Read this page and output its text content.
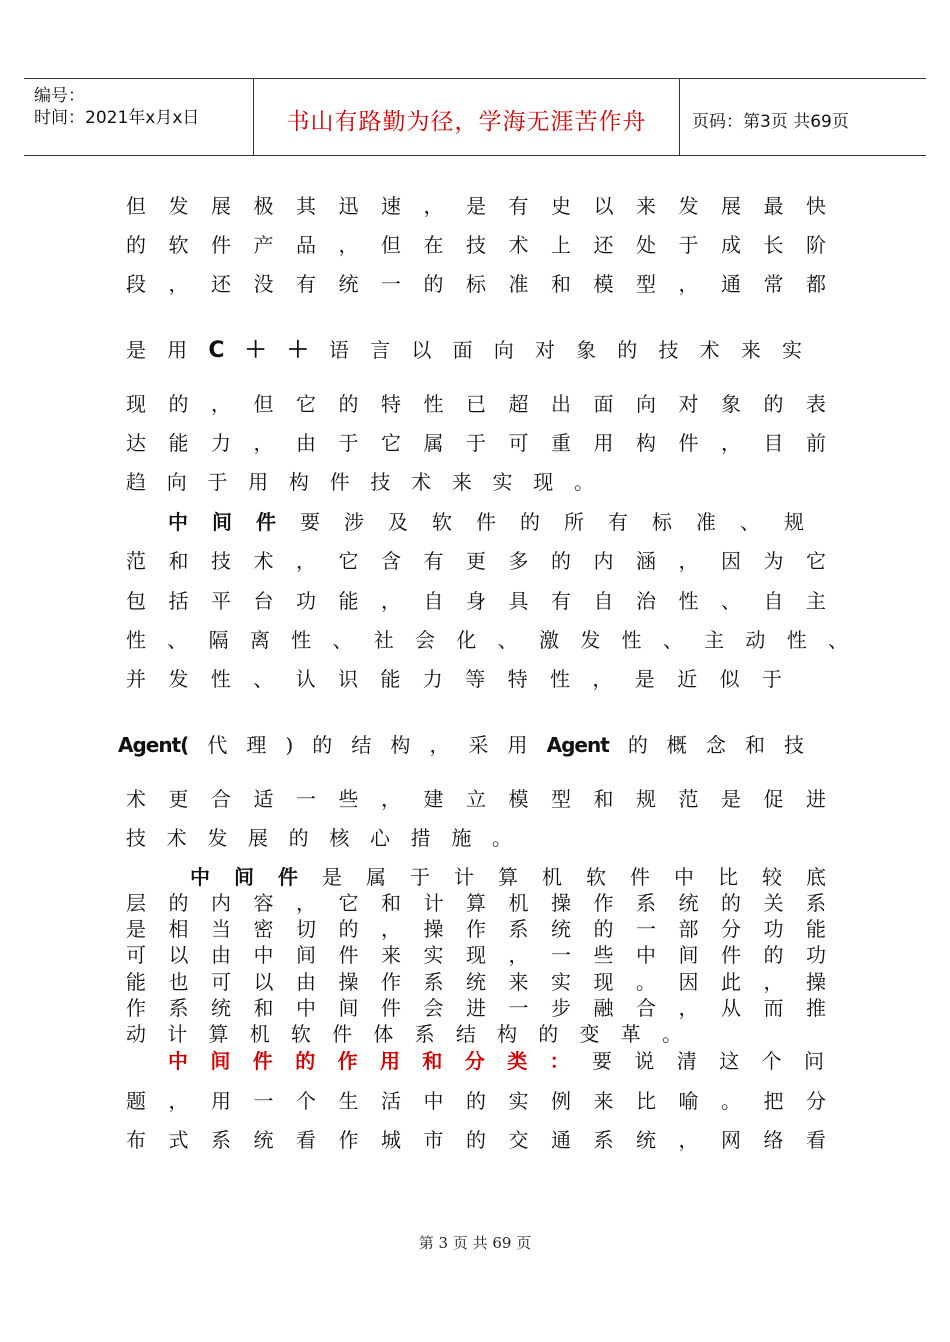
编号：
时间：2021年x月x日	书山有路勤为径，学海无涯苦作舟	页码：第3页 共69页
但发展极其迅速，是有史以来发展最快
的软件产品，但在技术上还处于成长阶
段，还没有统一的标准和模型，通常都
是用C＋＋语言以面向对象的技术来实
现的，但它的特性已超出面向对象的表
达能力，由于它属于可重用构件，目前
趋向于用构件技术来实现。
中间件要涉及软件的所有标准、规
范和技术，它含有更多的内涵，因为它
包括平台功能，自身具有自治性、自主
性、隔离性、社会化、激发性、主动性、
并发性、认识能力等特性，是近似于
Agent(代理)的结构，采用Agent的概念和技
术更合适一些，建立模型和规范是促进
技术发展的核心措施。
中间件是属于计算机软件中比较底
层的内容，它和计算机操作系统的关系
是相当密切的，操作系统的一部分功能
可以由中间件来实现，一些中间件的功
能也可以由操作系统来实现。因此，操
作系统和中间件会进一步融合，从而推
动计算机软件体系结构的变革。
中间件的作用和分类：要说清这个问
题，用一个生活中的实例来比喻。把分
布式系统看作城市的交通系统，网络看
第 3 页 共 69 页
